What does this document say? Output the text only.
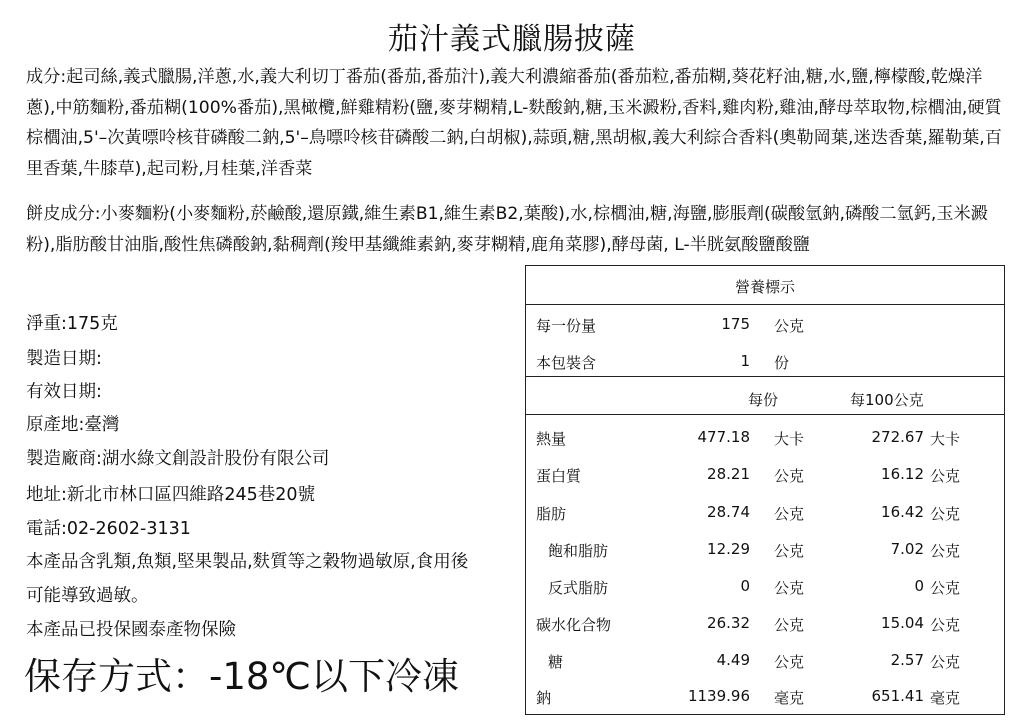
茄汁義式臘腸披薩

成分:起司絲,義式臘腸,洋蔥,水,義大利切丁番茄(番茄,番茄汁),義大利濃縮番茄(番茄粒,番茄糊,葵花籽油,糖,水,鹽,檸檬酸,乾燥洋蔥),中筋麵粉,番茄糊(100%番茄),黑橄欖,鮮雞精粉(鹽,麥芽糊精,L-麩酸鈉,糖,玉米澱粉,香料,雞肉粉,雞油,酵母萃取物,棕櫚油,硬質棕櫚油,5'–次黃嘌呤核苷磷酸二鈉,5'–鳥嘌呤核苷磷酸二鈉,白胡椒),蒜頭,糖,黑胡椒,義大利綜合香料(奧勒岡葉,迷迭香葉,羅勒葉,百里香葉,牛膝草),起司粉,月桂葉,洋香菜

餅皮成分:小麥麵粉(小麥麵粉,菸鹼酸,還原鐵,維生素B1,維生素B2,葉酸),水,棕櫚油,糖,海鹽,膨脹劑(碳酸氫鈉,磷酸二氫鈣,玉米澱粉),脂肪酸甘油脂,酸性焦磷酸鈉,黏稠劑(羧甲基纖維素鈉,麥芽糊精,鹿角菜膠),酵母菌, L-半胱氨酸鹽酸鹽

淨重:175克
製造日期:
有效日期:
原產地:臺灣
製造廠商:湖水綠文創設計股份有限公司
地址:新北市林口區四維路245巷20號
電話:02-2602-3131
本產品含乳類,魚類,堅果製品,麩質等之穀物過敏原,食用後
可能導致過敏。
本產品已投保國泰產物保險
保存方式：-18℃以下冷凍
營養標示
每一份量	175 公克
本包裝含	1 份
每份	每100公克
熱量	477.18 大卡	272.67 大卡
蛋白質	28.21 公克	16.12 公克
脂肪	28.74 公克	16.42 公克
飽和脂肪	12.29 公克	7.02 公克
反式脂肪	0 公克	0 公克
碳水化合物	26.32 公克	15.04 公克
糖	4.49 公克	2.57 公克
鈉	1139.96 毫克	651.41 毫克
